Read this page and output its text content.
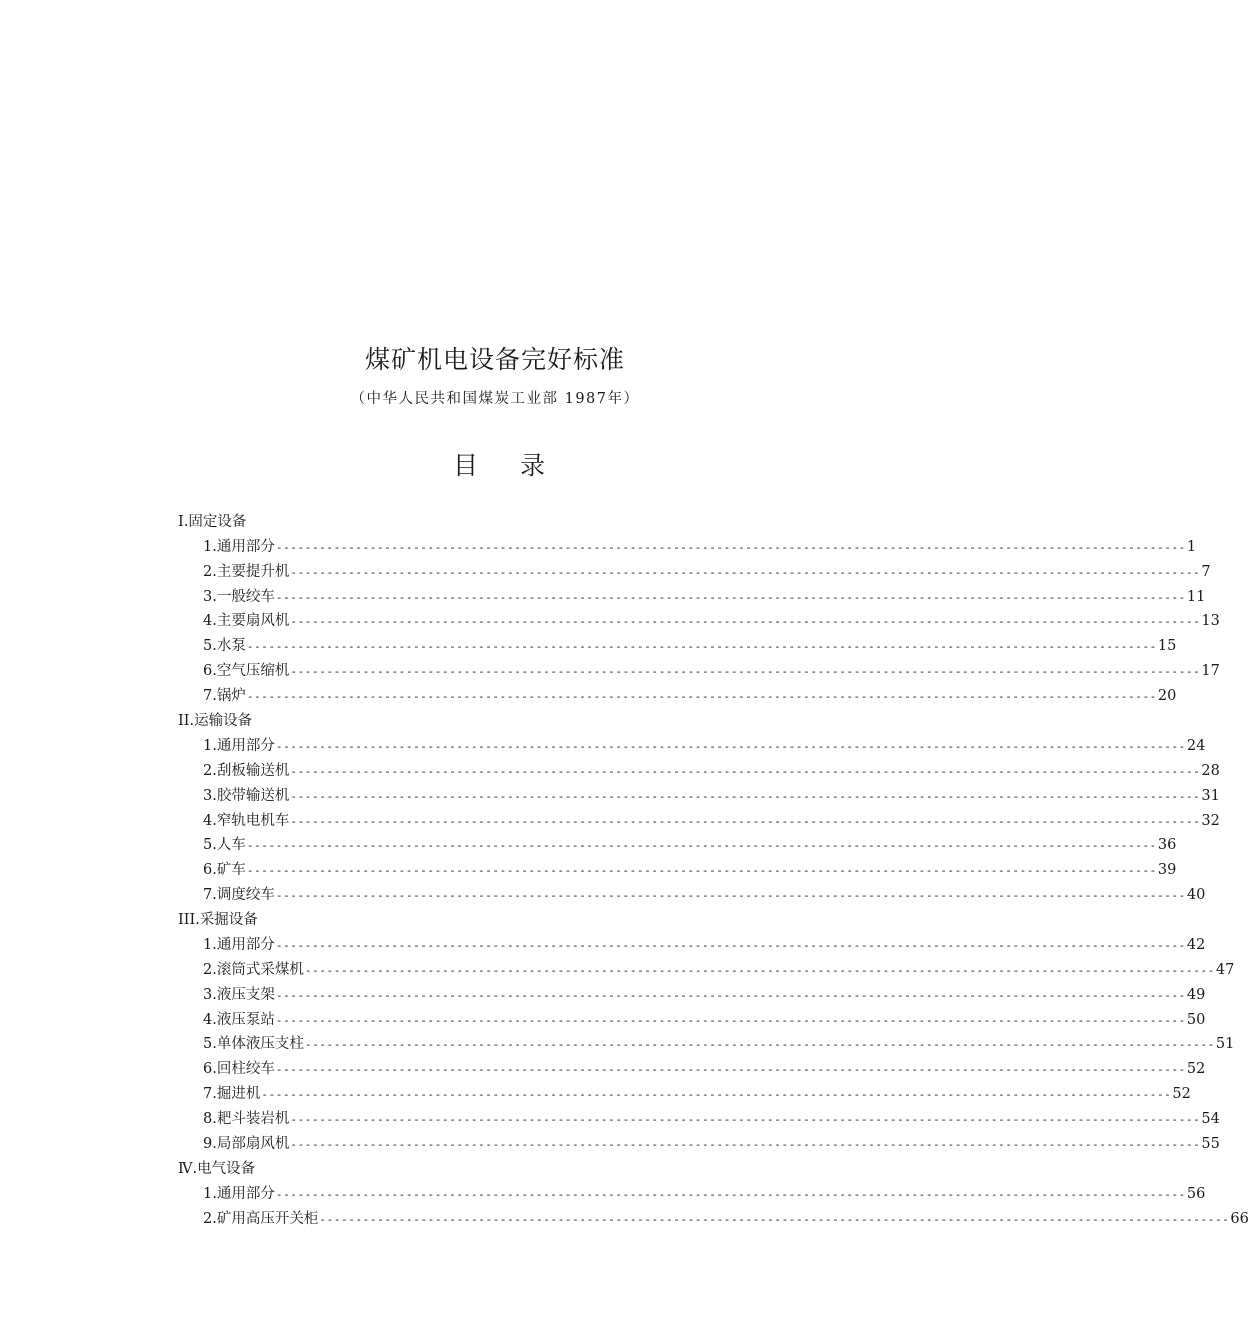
煤矿机电设备完好标准
（中华人民共和国煤炭工业部 1987年）
目 录
I.固定设备
1.通用部分 ------------------------------------------------------------------------------------------------------------------------------ 1
2.主要提升机 ------------------------------------------------------------------------------------------------------------------------------ 7
3.一般绞车 ------------------------------------------------------------------------------------------------------------------------------ 11
4.主要扇风机 ------------------------------------------------------------------------------------------------------------------------------ 13
5.水泵 ------------------------------------------------------------------------------------------------------------------------------ 15
6.空气压缩机 ------------------------------------------------------------------------------------------------------------------------------ 17
7.锅炉 ------------------------------------------------------------------------------------------------------------------------------ 20
II.运输设备
1.通用部分 ------------------------------------------------------------------------------------------------------------------------------ 24
2.刮板输送机 ------------------------------------------------------------------------------------------------------------------------------ 28
3.胶带输送机 ------------------------------------------------------------------------------------------------------------------------------ 31
4.窄轨电机车 ------------------------------------------------------------------------------------------------------------------------------ 32
5.人车 ------------------------------------------------------------------------------------------------------------------------------ 36
6.矿车 ------------------------------------------------------------------------------------------------------------------------------ 39
7.调度绞车 ------------------------------------------------------------------------------------------------------------------------------ 40
III.采掘设备
1.通用部分 ------------------------------------------------------------------------------------------------------------------------------ 42
2.滚筒式采煤机 ------------------------------------------------------------------------------------------------------------------------------ 47
3.液压支架 ------------------------------------------------------------------------------------------------------------------------------ 49
4.液压泵站 ------------------------------------------------------------------------------------------------------------------------------ 50
5.单体液压支柱 ------------------------------------------------------------------------------------------------------------------------------ 51
6.回柱绞车 ------------------------------------------------------------------------------------------------------------------------------ 52
7.掘进机 ------------------------------------------------------------------------------------------------------------------------------ 52
8.耙斗装岩机 ------------------------------------------------------------------------------------------------------------------------------ 54
9.局部扇风机 ------------------------------------------------------------------------------------------------------------------------------ 55
Ⅳ.电气设备
1.通用部分 ------------------------------------------------------------------------------------------------------------------------------ 56
2.矿用高压开关柜 ------------------------------------------------------------------------------------------------------------------------------ 66
